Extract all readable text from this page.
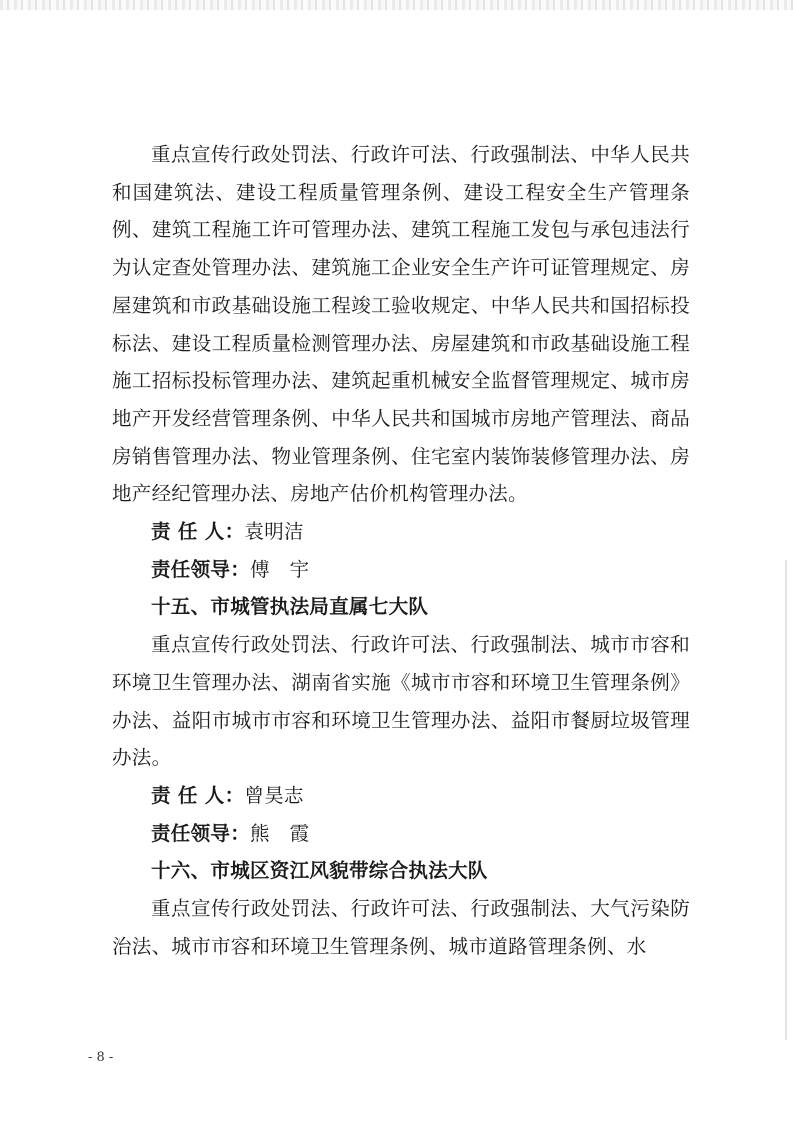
重点宣传行政处罚法、行政许可法、行政强制法、中华人民共和国建筑法、建设工程质量管理条例、建设工程安全生产管理条例、建筑工程施工许可管理办法、建筑工程施工发包与承包违法行为认定查处管理办法、建筑施工企业安全生产许可证管理规定、房屋建筑和市政基础设施工程竣工验收规定、中华人民共和国招标投标法、建设工程质量检测管理办法、房屋建筑和市政基础设施工程施工招标投标管理办法、建筑起重机械安全监督管理规定、城市房地产开发经营管理条例、中华人民共和国城市房地产管理法、商品房销售管理办法、物业管理条例、住宅室内装饰装修管理办法、房地产经纪管理办法、房地产估价机构管理办法。

责 任 人：袁明洁

责任领导：傅　宇

十五、市城管执法局直属七大队

重点宣传行政处罚法、行政许可法、行政强制法、城市市容和环境卫生管理办法、湖南省实施《城市市容和环境卫生管理条例》办法、益阳市城市市容和环境卫生管理办法、益阳市餐厨垃圾管理办法。

责 任 人：曾昊志

责任领导：熊　霞

十六、市城区资江风貌带综合执法大队

重点宣传行政处罚法、行政许可法、行政强制法、大气污染防治法、城市市容和环境卫生管理条例、城市道路管理条例、水

- 8 -
